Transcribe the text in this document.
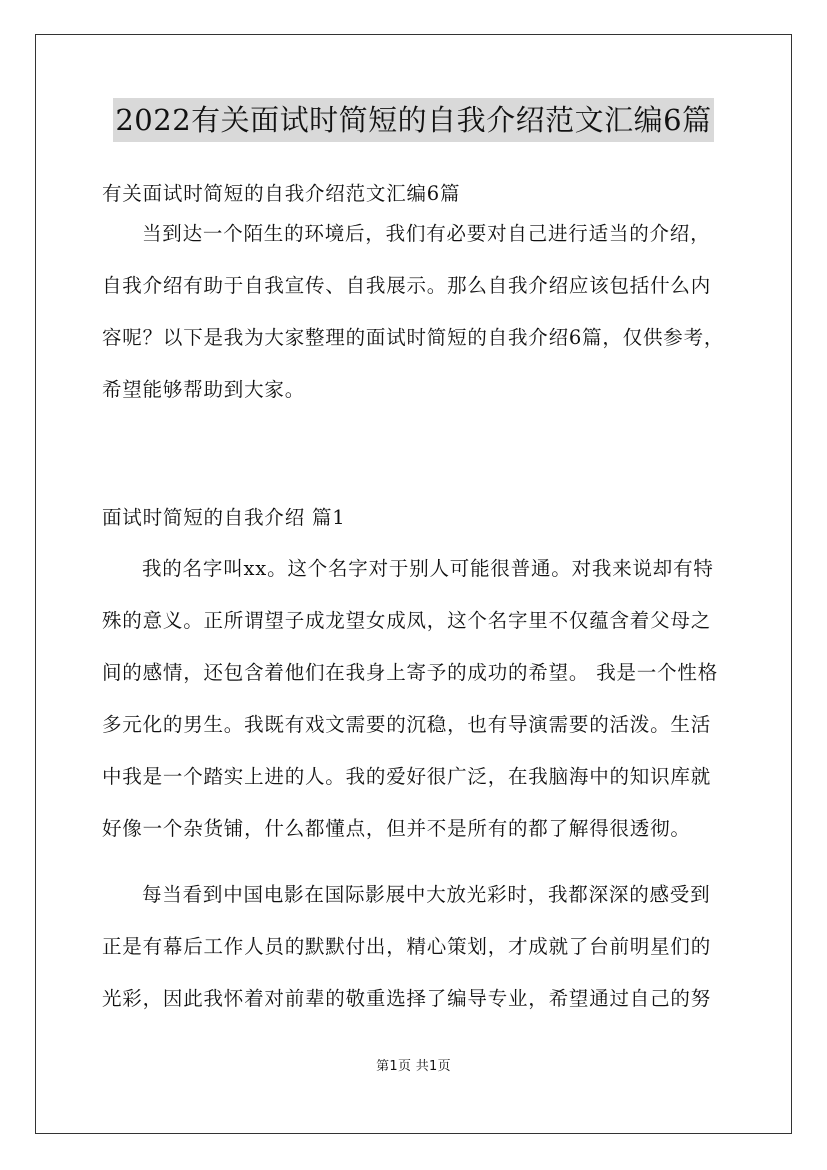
2022有关面试时简短的自我介绍范文汇编6篇
有关面试时简短的自我介绍范文汇编6篇
当到达一个陌生的环境后，我们有必要对自己进行适当的介绍，
自我介绍有助于自我宣传、自我展示。那么自我介绍应该包括什么内
容呢？以下是我为大家整理的面试时简短的自我介绍6篇，仅供参考，
希望能够帮助到大家。
面试时简短的自我介绍 篇1
我的名字叫xx。这个名字对于别人可能很普通。对我来说却有特
殊的意义。正所谓望子成龙望女成凤，这个名字里不仅蕴含着父母之
间的感情，还包含着他们在我身上寄予的成功的希望。 我是一个性格
多元化的男生。我既有戏文需要的沉稳，也有导演需要的活泼。生活
中我是一个踏实上进的人。我的爱好很广泛，在我脑海中的知识库就
好像一个杂货铺，什么都懂点，但并不是所有的都了解得很透彻。
每当看到中国电影在国际影展中大放光彩时，我都深深的感受到
正是有幕后工作人员的默默付出，精心策划，才成就了台前明星们的
光彩，因此我怀着对前辈的敬重选择了编导专业，希望通过自己的努
第1页 共1页
